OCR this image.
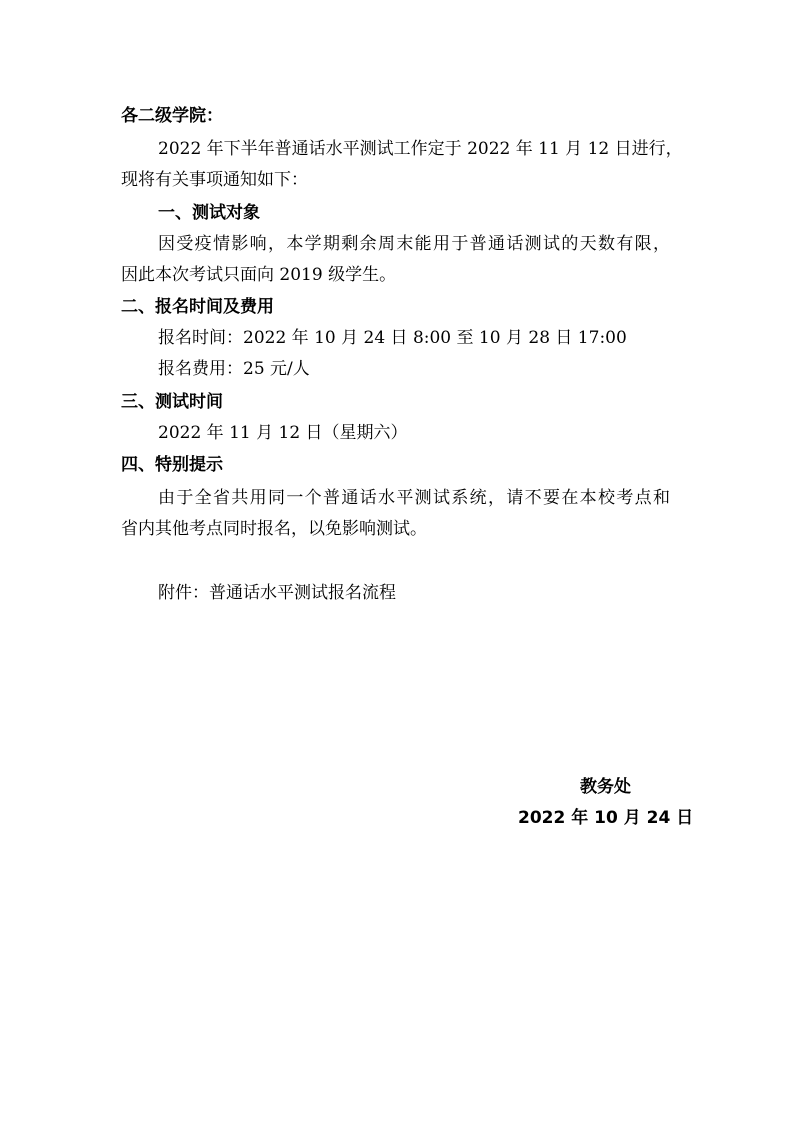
各二级学院：
2022 年下半年普通话水平测试工作定于 2022 年 11 月 12 日进行，
现将有关事项通知如下：
一、测试对象
因受疫情影响，本学期剩余周末能用于普通话测试的天数有限，
因此本次考试只面向 2019 级学生。
二、报名时间及费用
报名时间：2022 年 10 月 24 日 8:00 至 10 月 28 日 17:00
报名费用：25 元/人
三、测试时间
2022 年 11 月 12 日（星期六）
四、特别提示
由于全省共用同一个普通话水平测试系统，请不要在本校考点和
省内其他考点同时报名，以免影响测试。
附件：普通话水平测试报名流程
教务处
2022 年 10 月 24 日
